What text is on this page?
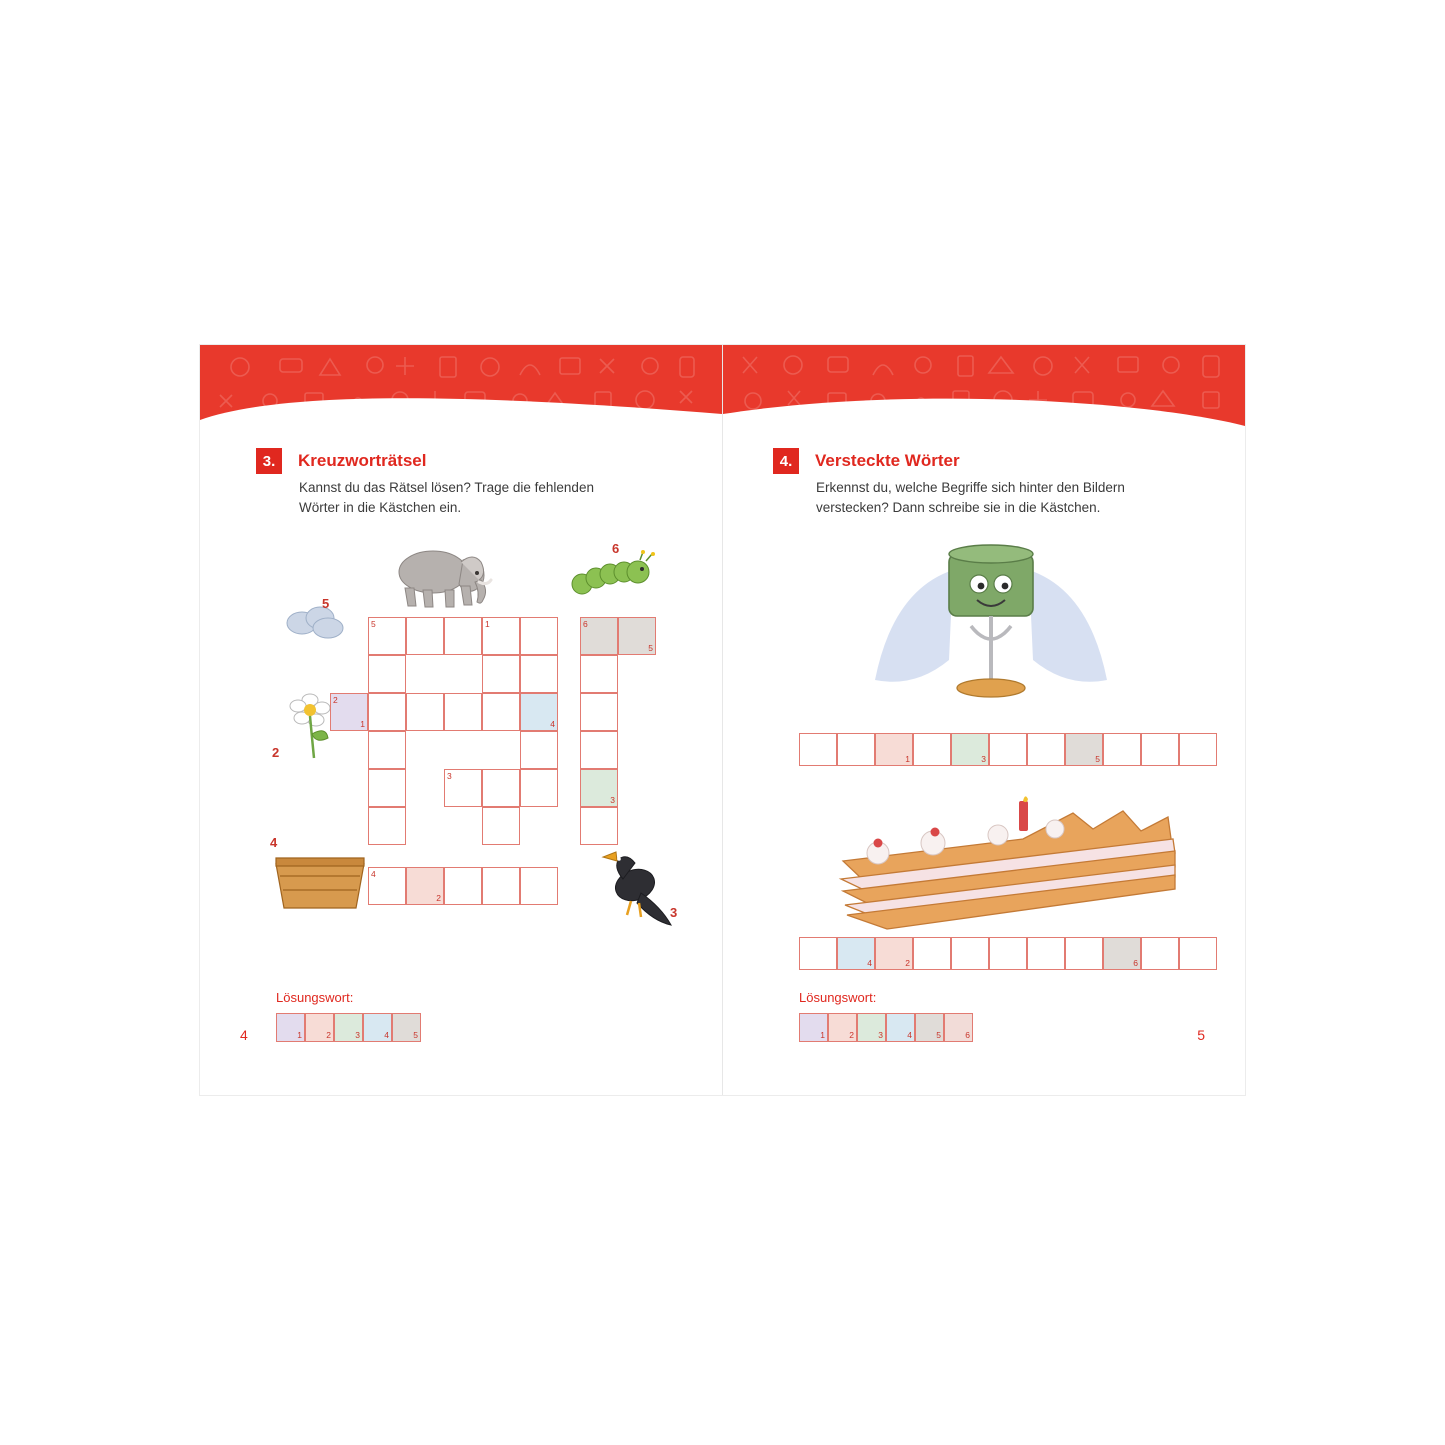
3.	Kreuzworträtsel
Kannst du das Rätsel lösen? Trage die fehlenden Wörter in die Kästchen ein.
6
5
2
4
3
5	1	6
5
3
2
1	4
3
4
2
Lösungswort:
1	2	3	4	5
4
4.	Versteckte Wörter
Erkennst du, welche Begriffe sich hinter den Bildern verstecken? Dann schreibe sie in die Kästchen.
1	3	5
4	2	6
Lösungswort:
1	2	3	4	5	6	5
